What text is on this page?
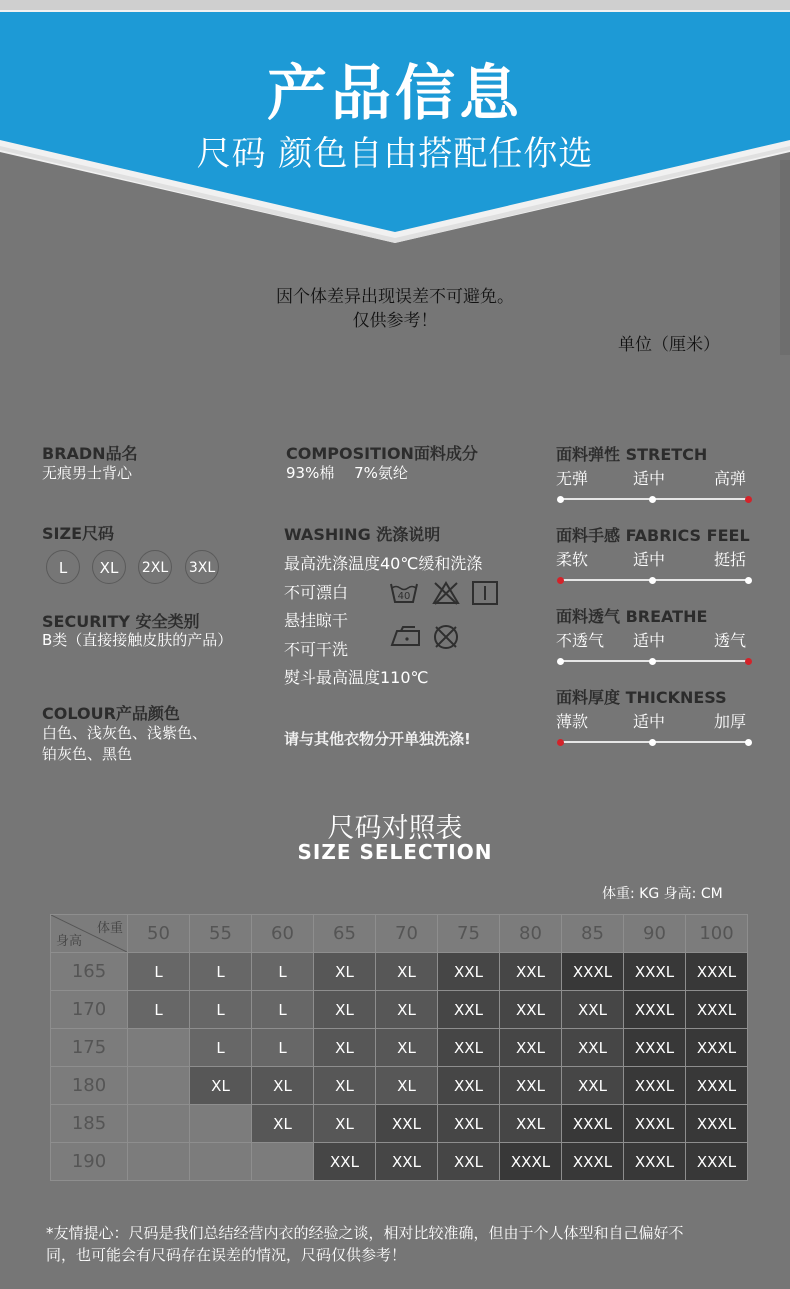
产品信息
尺码 颜色自由搭配任你选
因个体差异出现误差不可避免。
仅供参考！
单位（厘米）
BRADN品名
无痕男士背心
SIZE尺码
L	XL	2XL 3XL
SECURITY 安全类别
B类（直接接触皮肤的产品）
COLOUR产品颜色
白色、浅灰色、浅紫色、
铂灰色、黑色
COMPOSITION面料成分
93%棉　 7%氨纶
WASHING 洗涤说明
最高洗涤温度40℃缓和洗涤
不可漂白
悬挂晾干
不可干洗
熨斗最高温度110℃
40
请与其他衣物分开单独洗涤!
面料弹性 STRETCH
无弹	适中	高弹
面料手感 FABRICS FEEL
柔软	适中	挺括
面料透气 BREATHE
不透气 适中	透气
面料厚度 THICKNESS
薄款	适中	加厚
尺码对照表
SIZE SELECTION
体重: KG 身高: CM
体重
身高	50	55	60	65	70	75	80	85	90	100
165	L	L	L	XL	XL	XXL	XXL	XXXL	XXXL	XXXL
170	L	L	L	XL	XL	XXL	XXL	XXL	XXXL	XXXL
175		L	L	XL	XL	XXL	XXL	XXL	XXXL	XXXL
180		XL	XL	XL	XL	XXL	XXL	XXL	XXXL	XXXL
185			XL	XL	XXL	XXL	XXL	XXXL	XXXL	XXXL
190				XXL	XXL	XXL	XXXL	XXXL	XXXL	XXXL
*友情提心：尺码是我们总结经营内衣的经验之谈，相对比较准确，但由于个人体型和自己偏好不
同，也可能会有尺码存在误差的情况，尺码仅供参考！
